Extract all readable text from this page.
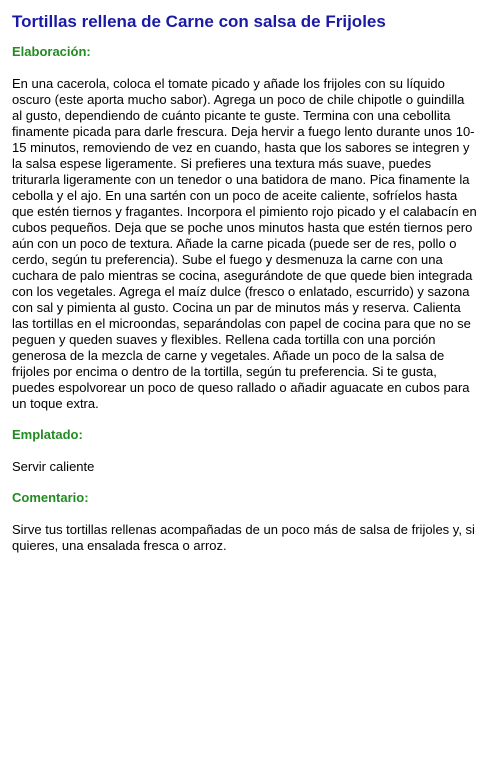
Tortillas rellena de Carne con salsa de Frijoles
Elaboración:

En una cacerola, coloca el tomate picado y añade los frijoles con su líquido oscuro (este aporta mucho sabor). Agrega un poco de chile chipotle o guindilla al gusto, dependiendo de cuánto picante te guste. Termina con una cebollita finamente picada para darle frescura. Deja hervir a fuego lento durante unos 10-15 minutos, removiendo de vez en cuando, hasta que los sabores se integren y la salsa espese ligeramente. Si prefieres una textura más suave, puedes triturarla ligeramente con un tenedor o una batidora de mano. Pica finamente la cebolla y el ajo. En una sartén con un poco de aceite caliente, sofríelos hasta que estén tiernos y fragantes. Incorpora el pimiento rojo picado y el calabacín en cubos pequeños. Deja que se poche unos minutos hasta que estén tiernos pero aún con un poco de textura. Añade la carne picada (puede ser de res, pollo o cerdo, según tu preferencia). Sube el fuego y desmenuza la carne con una cuchara de palo mientras se cocina, asegurándote de que quede bien integrada con los vegetales. Agrega el maíz dulce (fresco o enlatado, escurrido) y sazona con sal y pimienta al gusto. Cocina un par de minutos más y reserva. Calienta las tortillas en el microondas, separándolas con papel de cocina para que no se peguen y queden suaves y flexibles. Rellena cada tortilla con una porción generosa de la mezcla de carne y vegetales. Añade un poco de la salsa de frijoles por encima o dentro de la tortilla, según tu preferencia. Si te gusta, puedes espolvorear un poco de queso rallado o añadir aguacate en cubos para un toque extra.

Emplatado:

Servir caliente

Comentario:

Sirve tus tortillas rellenas acompañadas de un poco más de salsa de frijoles y, si quieres, una ensalada fresca o arroz.
